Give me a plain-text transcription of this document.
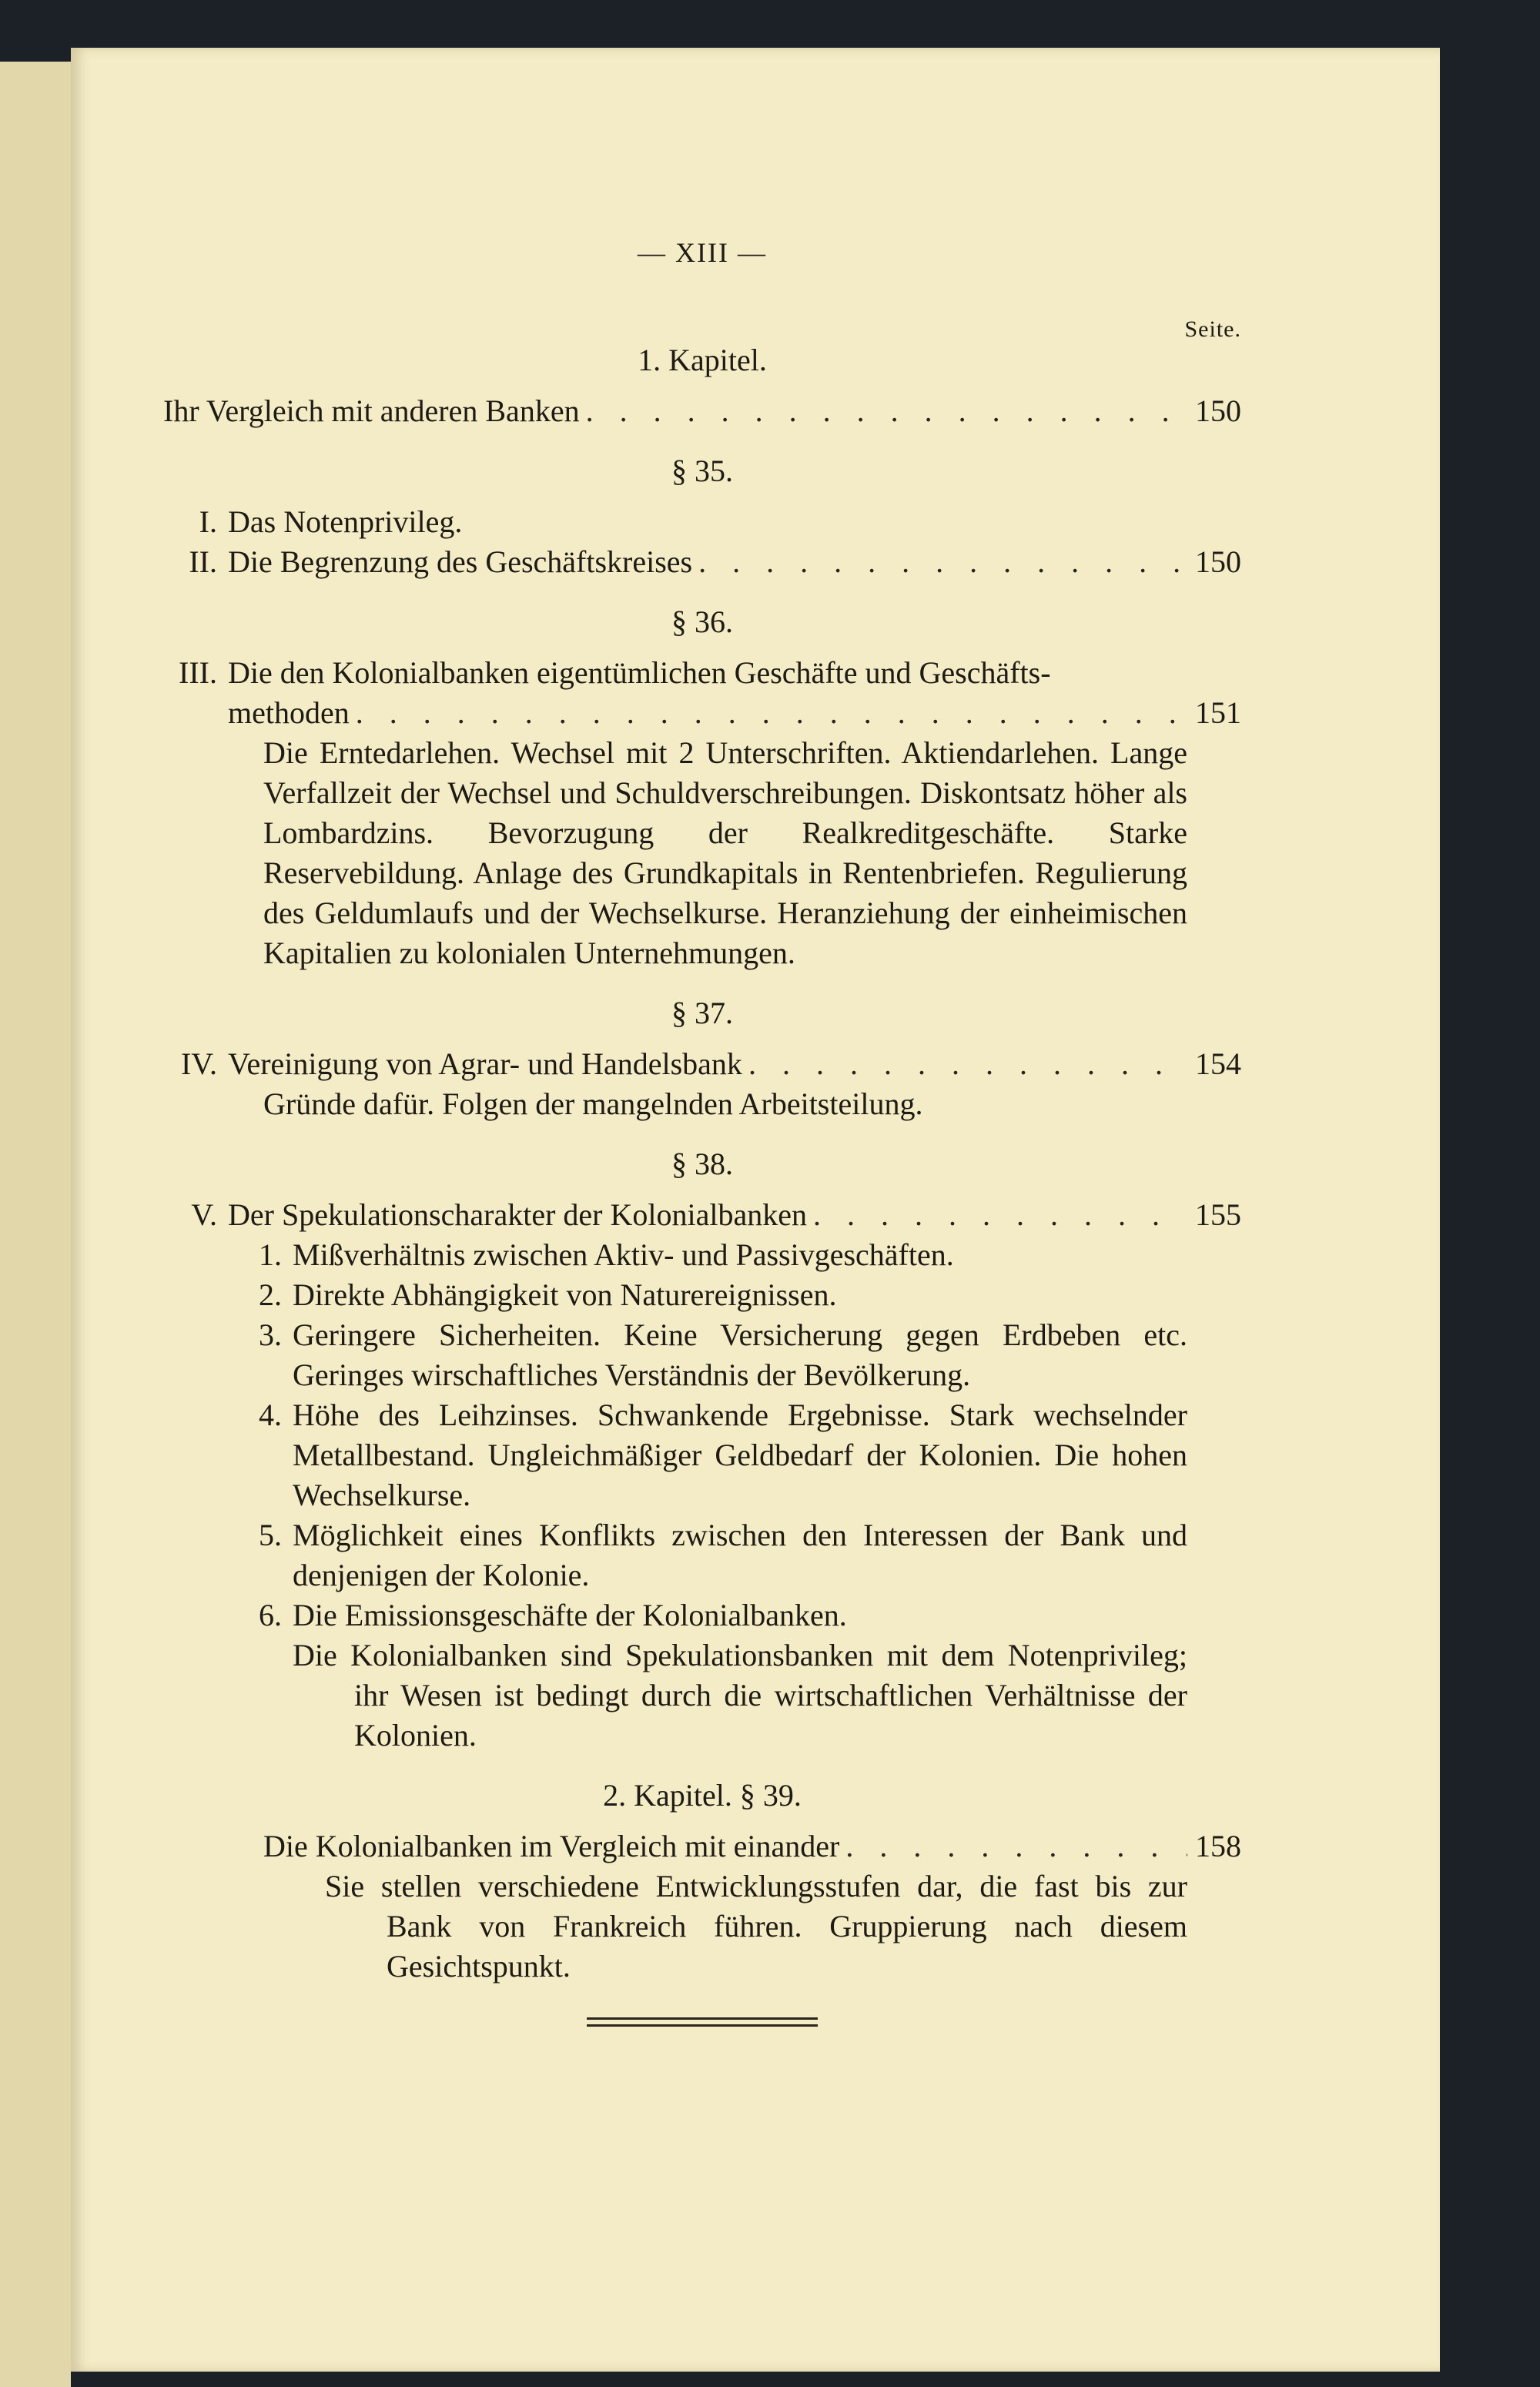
— XIII —
Seite.
1. Kapitel.
Ihr Vergleich mit anderen Banken . . .	150
§ 35.
I. Das Notenprivileg.
II. Die Begrenzung des Geschäftskreises . . .	150
§ 36.
III. Die den Kolonialbanken eigentümlichen Geschäfte und Geschäfts-
methoden . . .	151
Die Erntedarlehen. Wechsel mit 2 Unterschriften. Aktiendarlehen. Lange Verfallzeit der Wechsel und Schuldverschreibungen. Diskontsatz höher als Lombardzins. Bevorzugung der Realkreditgeschäfte. Starke Reservebildung. Anlage des Grundkapitals in Rentenbriefen. Regulierung des Geldumlaufs und der Wechselkurse. Heranziehung der einheimischen Kapitalien zu kolonialen Unternehmungen.
§ 37.
IV. Vereinigung von Agrar- und Handelsbank . . .	154
Gründe dafür. Folgen der mangelnden Arbeitsteilung.
§ 38.
V. Der Spekulationscharakter der Kolonialbanken . . .	155
1. Mißverhältnis zwischen Aktiv- und Passivgeschäften.
2. Direkte Abhängigkeit von Naturereignissen.
3. Geringere Sicherheiten. Keine Versicherung gegen Erdbeben etc. Geringes wirschaftliches Verständnis der Bevölkerung.
4. Höhe des Leihzinses. Schwankende Ergebnisse. Stark wechselnder Metallbestand. Ungleichmäßiger Geldbedarf der Kolonien. Die hohen Wechselkurse.
5. Möglichkeit eines Konflikts zwischen den Interessen der Bank und denjenigen der Kolonie.
6. Die Emissionsgeschäfte der Kolonialbanken.
Die Kolonialbanken sind Spekulationsbanken mit dem Notenprivileg; ihr Wesen ist bedingt durch die wirtschaftlichen Verhältnisse der Kolonien.
2. Kapitel. § 39.
Die Kolonialbanken im Vergleich mit einander . . .	158
Sie stellen verschiedene Entwicklungsstufen dar, die fast bis zur Bank von Frankreich führen. Gruppierung nach diesem Gesichtspunkt.
